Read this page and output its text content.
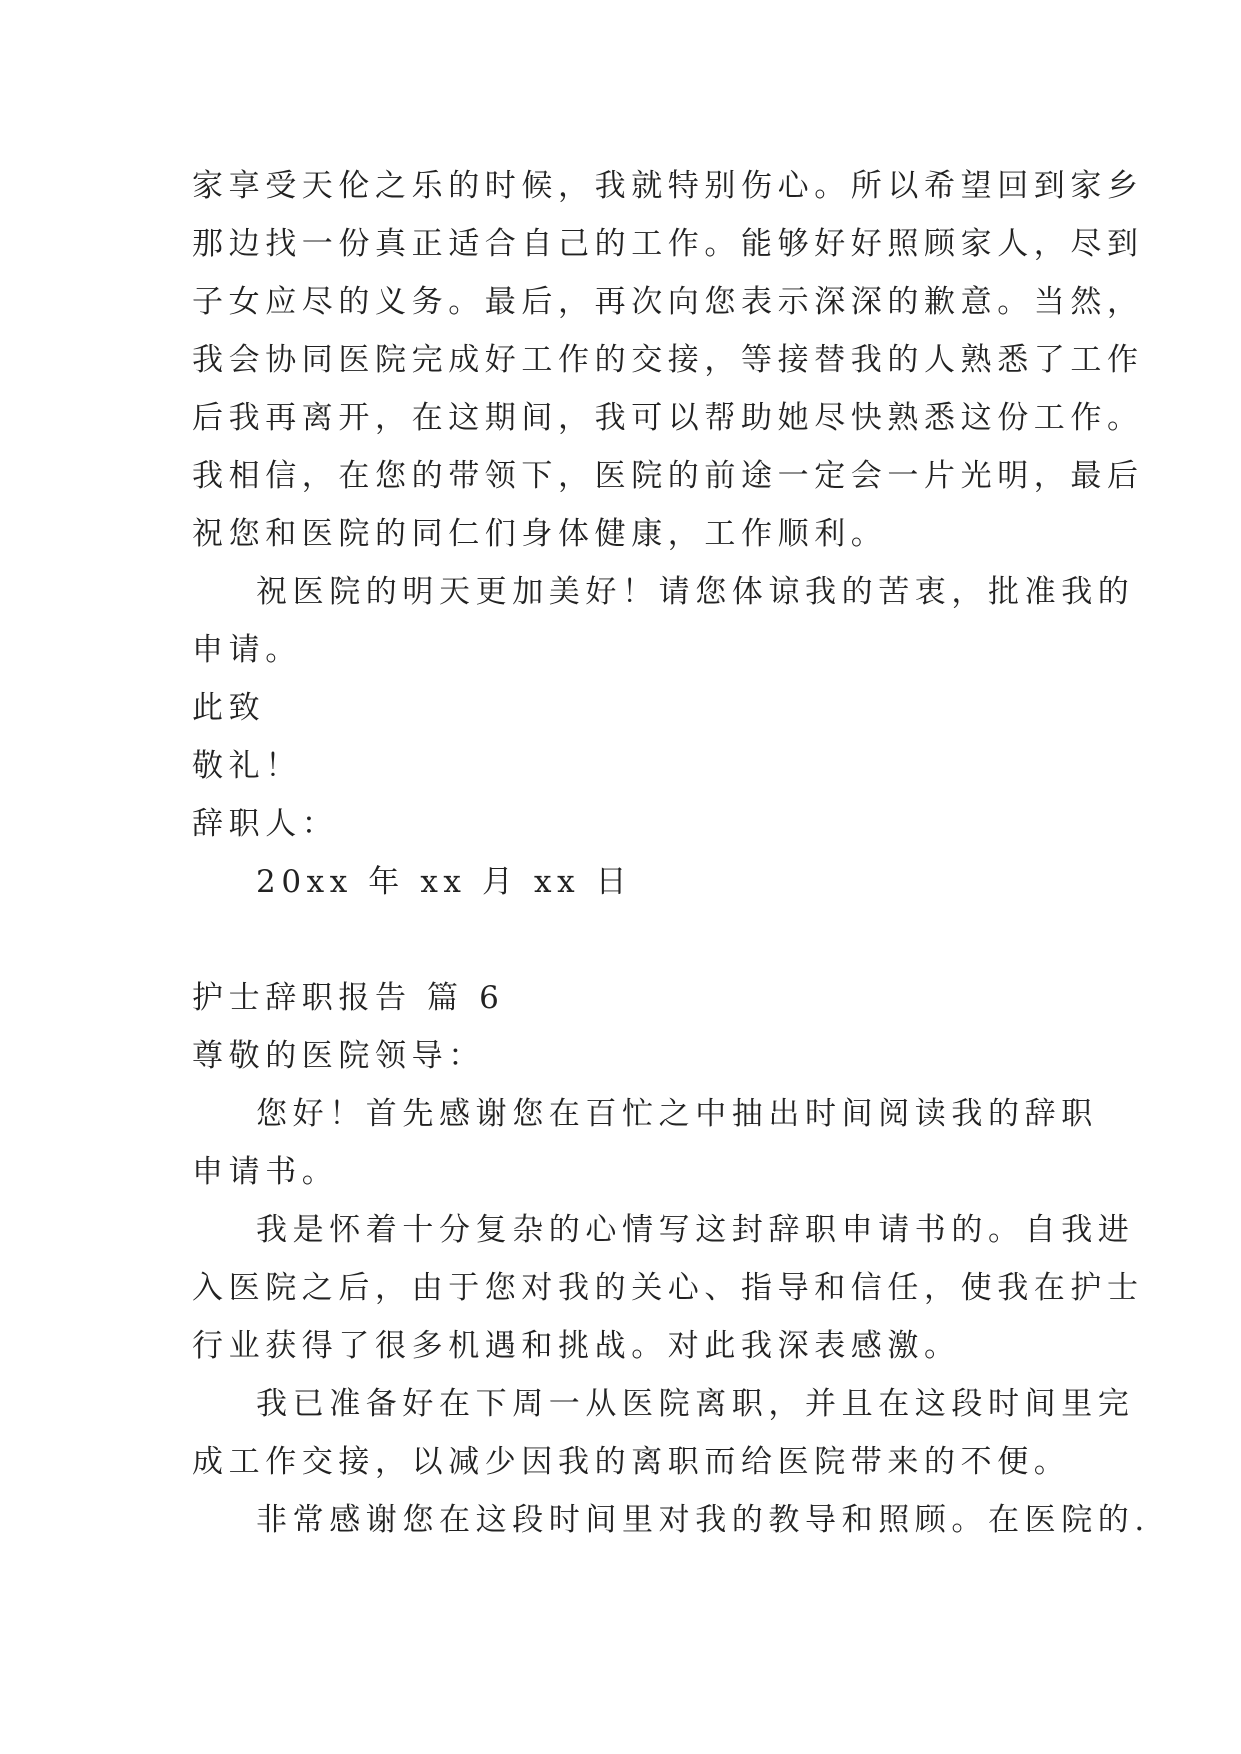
家享受天伦之乐的时候，我就特别伤心。所以希望回到家乡
那边找一份真正适合自己的工作。能够好好照顾家人，尽到
子女应尽的义务。最后，再次向您表示深深的歉意。当然，
我会协同医院完成好工作的交接，等接替我的人熟悉了工作
后我再离开，在这期间，我可以帮助她尽快熟悉这份工作。
我相信，在您的带领下，医院的前途一定会一片光明，最后
祝您和医院的同仁们身体健康，工作顺利。
祝医院的明天更加美好！请您体谅我的苦衷，批准我的
申请。
此致
敬礼！
辞职人：
20xx 年 xx 月 xx 日
护士辞职报告 篇 6
尊敬的医院领导：
您好！首先感谢您在百忙之中抽出时间阅读我的辞职
申请书。
我是怀着十分复杂的心情写这封辞职申请书的。自我进
入医院之后，由于您对我的关心、指导和信任，使我在护士
行业获得了很多机遇和挑战。对此我深表感激。
我已准备好在下周一从医院离职，并且在这段时间里完
成工作交接，以减少因我的离职而给医院带来的不便。
非常感谢您在这段时间里对我的教导和照顾。在医院的.
